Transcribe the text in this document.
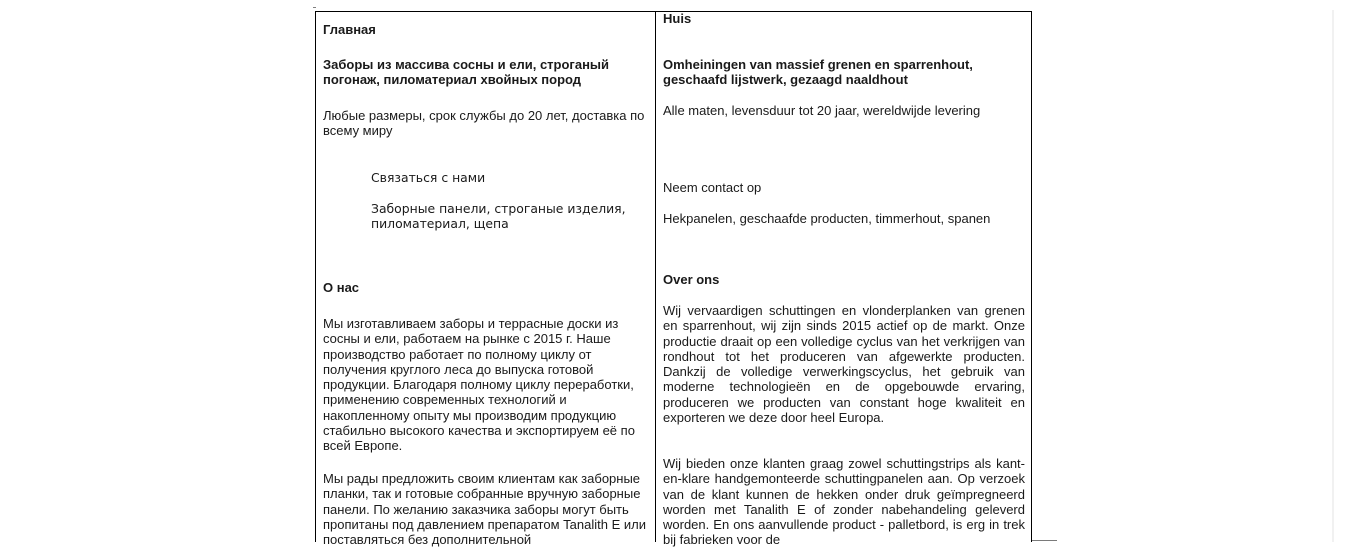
Главная

Заборы из массива сосны и ели, строганый погонаж, пиломатериал хвойных пород

Любые размеры, срок службы до 20 лет, доставка по всему миру

Связаться с нами

Заборные панели, строганые изделия, пиломатериал, щепа

О нас

Мы изготавливаем заборы и террасные доски из сосны и ели, работаем на рынке с 2015 г. Наше производство работает по полному циклу от получения круглого леса до выпуска готовой продукции. Благодаря полному циклу переработки, применению современных технологий и накопленному опыту мы производим продукцию стабильно высокого качества и экспортируем её по всей Европе.

Мы рады предложить своим клиентам как заборные планки, так и готовые собранные вручную заборные панели. По желанию заказчика заборы могут быть пропитаны под давлением препаратом Tanalith E или поставляться без дополнительной

Huis

Omheiningen van massief grenen en sparrenhout, geschaafd lijstwerk, gezaagd naaldhout

Alle maten, levensduur tot 20 jaar, wereldwijde levering

Neem contact op

Hekpanelen, geschaafde producten, timmerhout, spanen

Over ons

Wij vervaardigen schuttingen en vlonderplanken van grenen en sparrenhout, wij zijn sinds 2015 actief op de markt. Onze productie draait op een volledige cyclus van het verkrijgen van rondhout tot het produceren van afgewerkte producten. Dankzij de volledige verwerkingscyclus, het gebruik van moderne technologieën en de opgebouwde ervaring, produceren we producten van constant hoge kwaliteit en exporteren we deze door heel Europa.

Wij bieden onze klanten graag zowel schuttingstrips als kant-en-klare handgemonteerde schuttingpanelen aan. Op verzoek van de klant kunnen de hekken onder druk geïmpregneerd worden met Tanalith E of zonder nabehandeling geleverd worden. En ons aanvullende product - palletbord, is erg in trek bij fabrieken voor de
